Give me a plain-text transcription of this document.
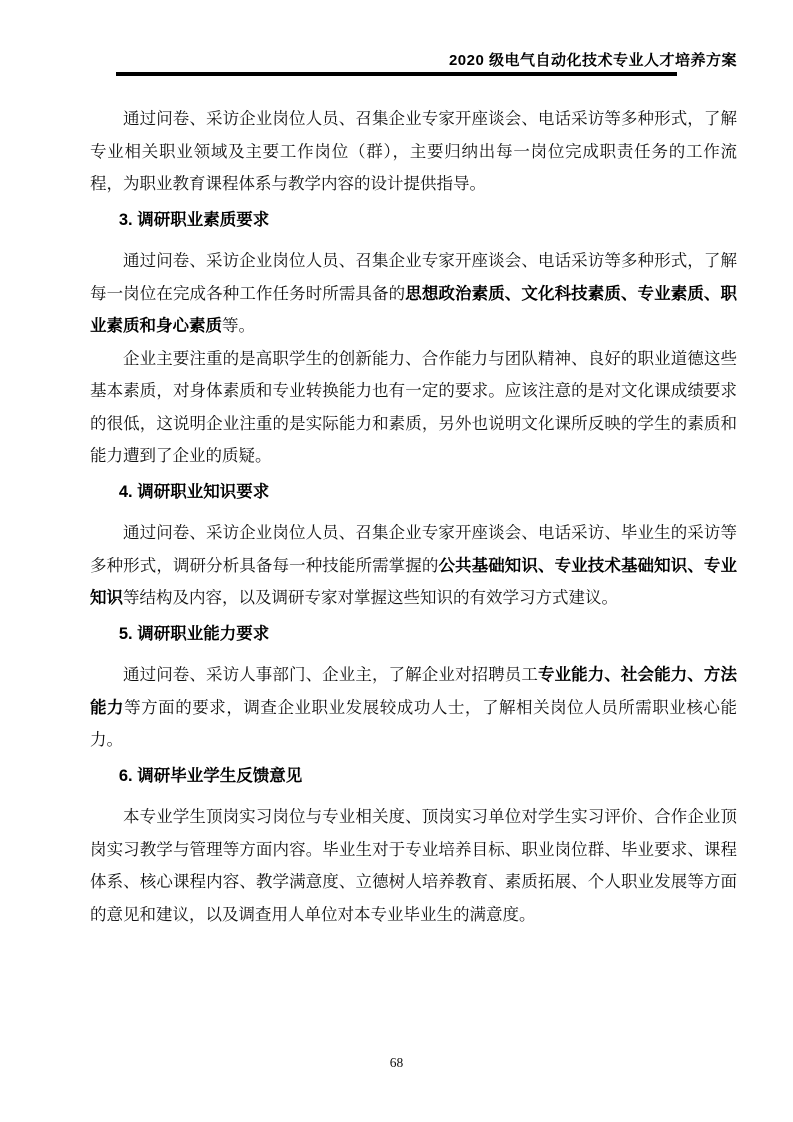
2020 级电气自动化技术专业人才培养方案
通过问卷、采访企业岗位人员、召集企业专家开座谈会、电话采访等多种形式，了解专业相关职业领域及主要工作岗位（群），主要归纳出每一岗位完成职责任务的工作流程，为职业教育课程体系与教学内容的设计提供指导。
3. 调研职业素质要求
通过问卷、采访企业岗位人员、召集企业专家开座谈会、电话采访等多种形式，了解每一岗位在完成各种工作任务时所需具备的思想政治素质、文化科技素质、专业素质、职业素质和身心素质等。
企业主要注重的是高职学生的创新能力、合作能力与团队精神、良好的职业道德这些基本素质，对身体素质和专业转换能力也有一定的要求。应该注意的是对文化课成绩要求的很低，这说明企业注重的是实际能力和素质，另外也说明文化课所反映的学生的素质和能力遭到了企业的质疑。
4. 调研职业知识要求
通过问卷、采访企业岗位人员、召集企业专家开座谈会、电话采访、毕业生的采访等多种形式，调研分析具备每一种技能所需掌握的公共基础知识、专业技术基础知识、专业知识等结构及内容，以及调研专家对掌握这些知识的有效学习方式建议。
5. 调研职业能力要求
通过问卷、采访人事部门、企业主，了解企业对招聘员工专业能力、社会能力、方法能力等方面的要求，调查企业职业发展较成功人士，了解相关岗位人员所需职业核心能力。
6. 调研毕业学生反馈意见
本专业学生顶岗实习岗位与专业相关度、顶岗实习单位对学生实习评价、合作企业顶岗实习教学与管理等方面内容。毕业生对于专业培养目标、职业岗位群、毕业要求、课程体系、核心课程内容、教学满意度、立德树人培养教育、素质拓展、个人职业发展等方面的意见和建议，以及调查用人单位对本专业毕业生的满意度。
68
